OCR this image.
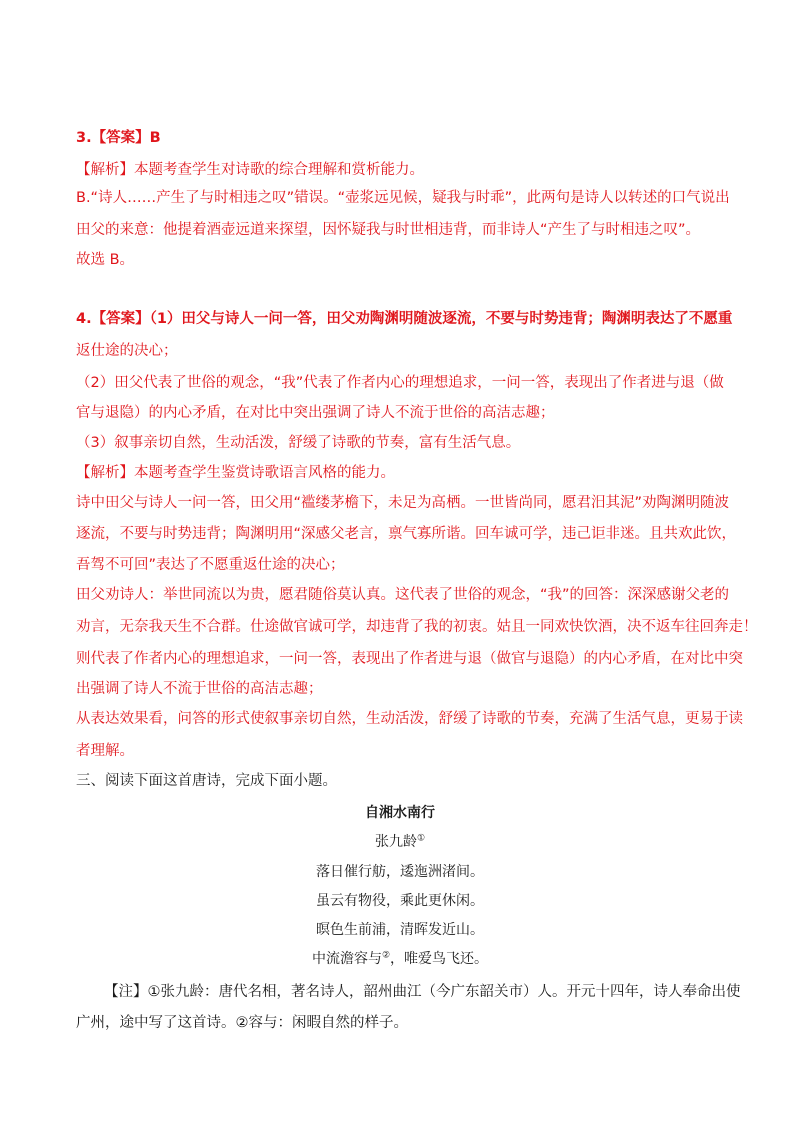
3.【答案】B
【解析】本题考查学生对诗歌的综合理解和赏析能力。
B.“诗人……产生了与时相违之叹”错误。“壶浆远见候，疑我与时乖”，此两句是诗人以转述的口气说出
田父的来意：他提着酒壶远道来探望，因怀疑我与时世相违背，而非诗人“产生了与时相违之叹”。
故选 B。
4.【答案】（1）田父与诗人一问一答，田父劝陶渊明随波逐流，不要与时势违背；陶渊明表达了不愿重
返仕途的决心；
（2）田父代表了世俗的观念，“我”代表了作者内心的理想追求，一问一答，表现出了作者进与退（做
官与退隐）的内心矛盾，在对比中突出强调了诗人不流于世俗的高洁志趣；
（3）叙事亲切自然，生动活泼，舒缓了诗歌的节奏，富有生活气息。
【解析】本题考查学生鉴赏诗歌语言风格的能力。
诗中田父与诗人一问一答，田父用“褴缕茅檐下，未足为高栖。一世皆尚同，愿君汨其泥”劝陶渊明随波
逐流，不要与时势违背；陶渊明用“深感父老言，禀气寡所谐。回车诚可学，违己讵非迷。且共欢此饮，
吾驾不可回”表达了不愿重返仕途的决心；
田父劝诗人：举世同流以为贵，愿君随俗莫认真。这代表了世俗的观念，“我”的回答：深深感谢父老的
劝言，无奈我天生不合群。仕途做官诚可学，却违背了我的初衷。姑且一同欢快饮酒，决不返车往回奔走！
则代表了作者内心的理想追求，一问一答，表现出了作者进与退（做官与退隐）的内心矛盾，在对比中突
出强调了诗人不流于世俗的高洁志趣；
从表达效果看，问答的形式使叙事亲切自然，生动活泼，舒缓了诗歌的节奏，充满了生活气息，更易于读
者理解。
三、阅读下面这首唐诗，完成下面小题。
自湘水南行
张九龄①
落日催行舫，逶迤洲渚间。
虽云有物役，乘此更休闲。
暝色生前浦，清晖发近山。
中流澹容与②，唯爱鸟飞还。
【注】①张九龄：唐代名相，著名诗人，韶州曲江（今广东韶关市）人。开元十四年，诗人奉命出使
广州，途中写了这首诗。②容与：闲暇自然的样子。
